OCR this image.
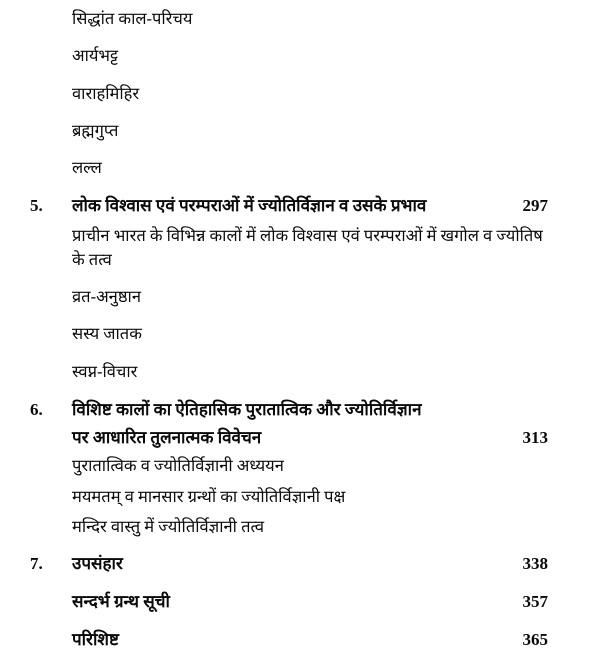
सिद्धांत काल-परिचय
आर्यभट्ट
वाराहमिहिर
ब्रह्मगुप्त
लल्ल
5.	लोक विश्वास एवं परम्पराओं में ज्योतिर्विज्ञान व उसके प्रभाव	297
प्राचीन भारत के विभिन्न कालों में लोक विश्वास एवं परम्पराओं में खगोल व ज्योतिष के तत्व
व्रत-अनुष्ठान
सस्य जातक
स्वप्न-विचार
6.	विशिष्ट कालों का ऐतिहासिक पुरातात्विक और ज्योतिर्विज्ञान
पर आधारित तुलनात्मक विवेचन	313
पुरातात्विक व ज्योतिर्विज्ञानी अध्ययन
मयमतम् व मानसार ग्रन्थों का ज्योतिर्विज्ञानी पक्ष
मन्दिर वास्तु में ज्योतिर्विज्ञानी तत्व
7.	उपसंहार	338
सन्दर्भ ग्रन्थ सूची	357
परिशिष्ट	365
